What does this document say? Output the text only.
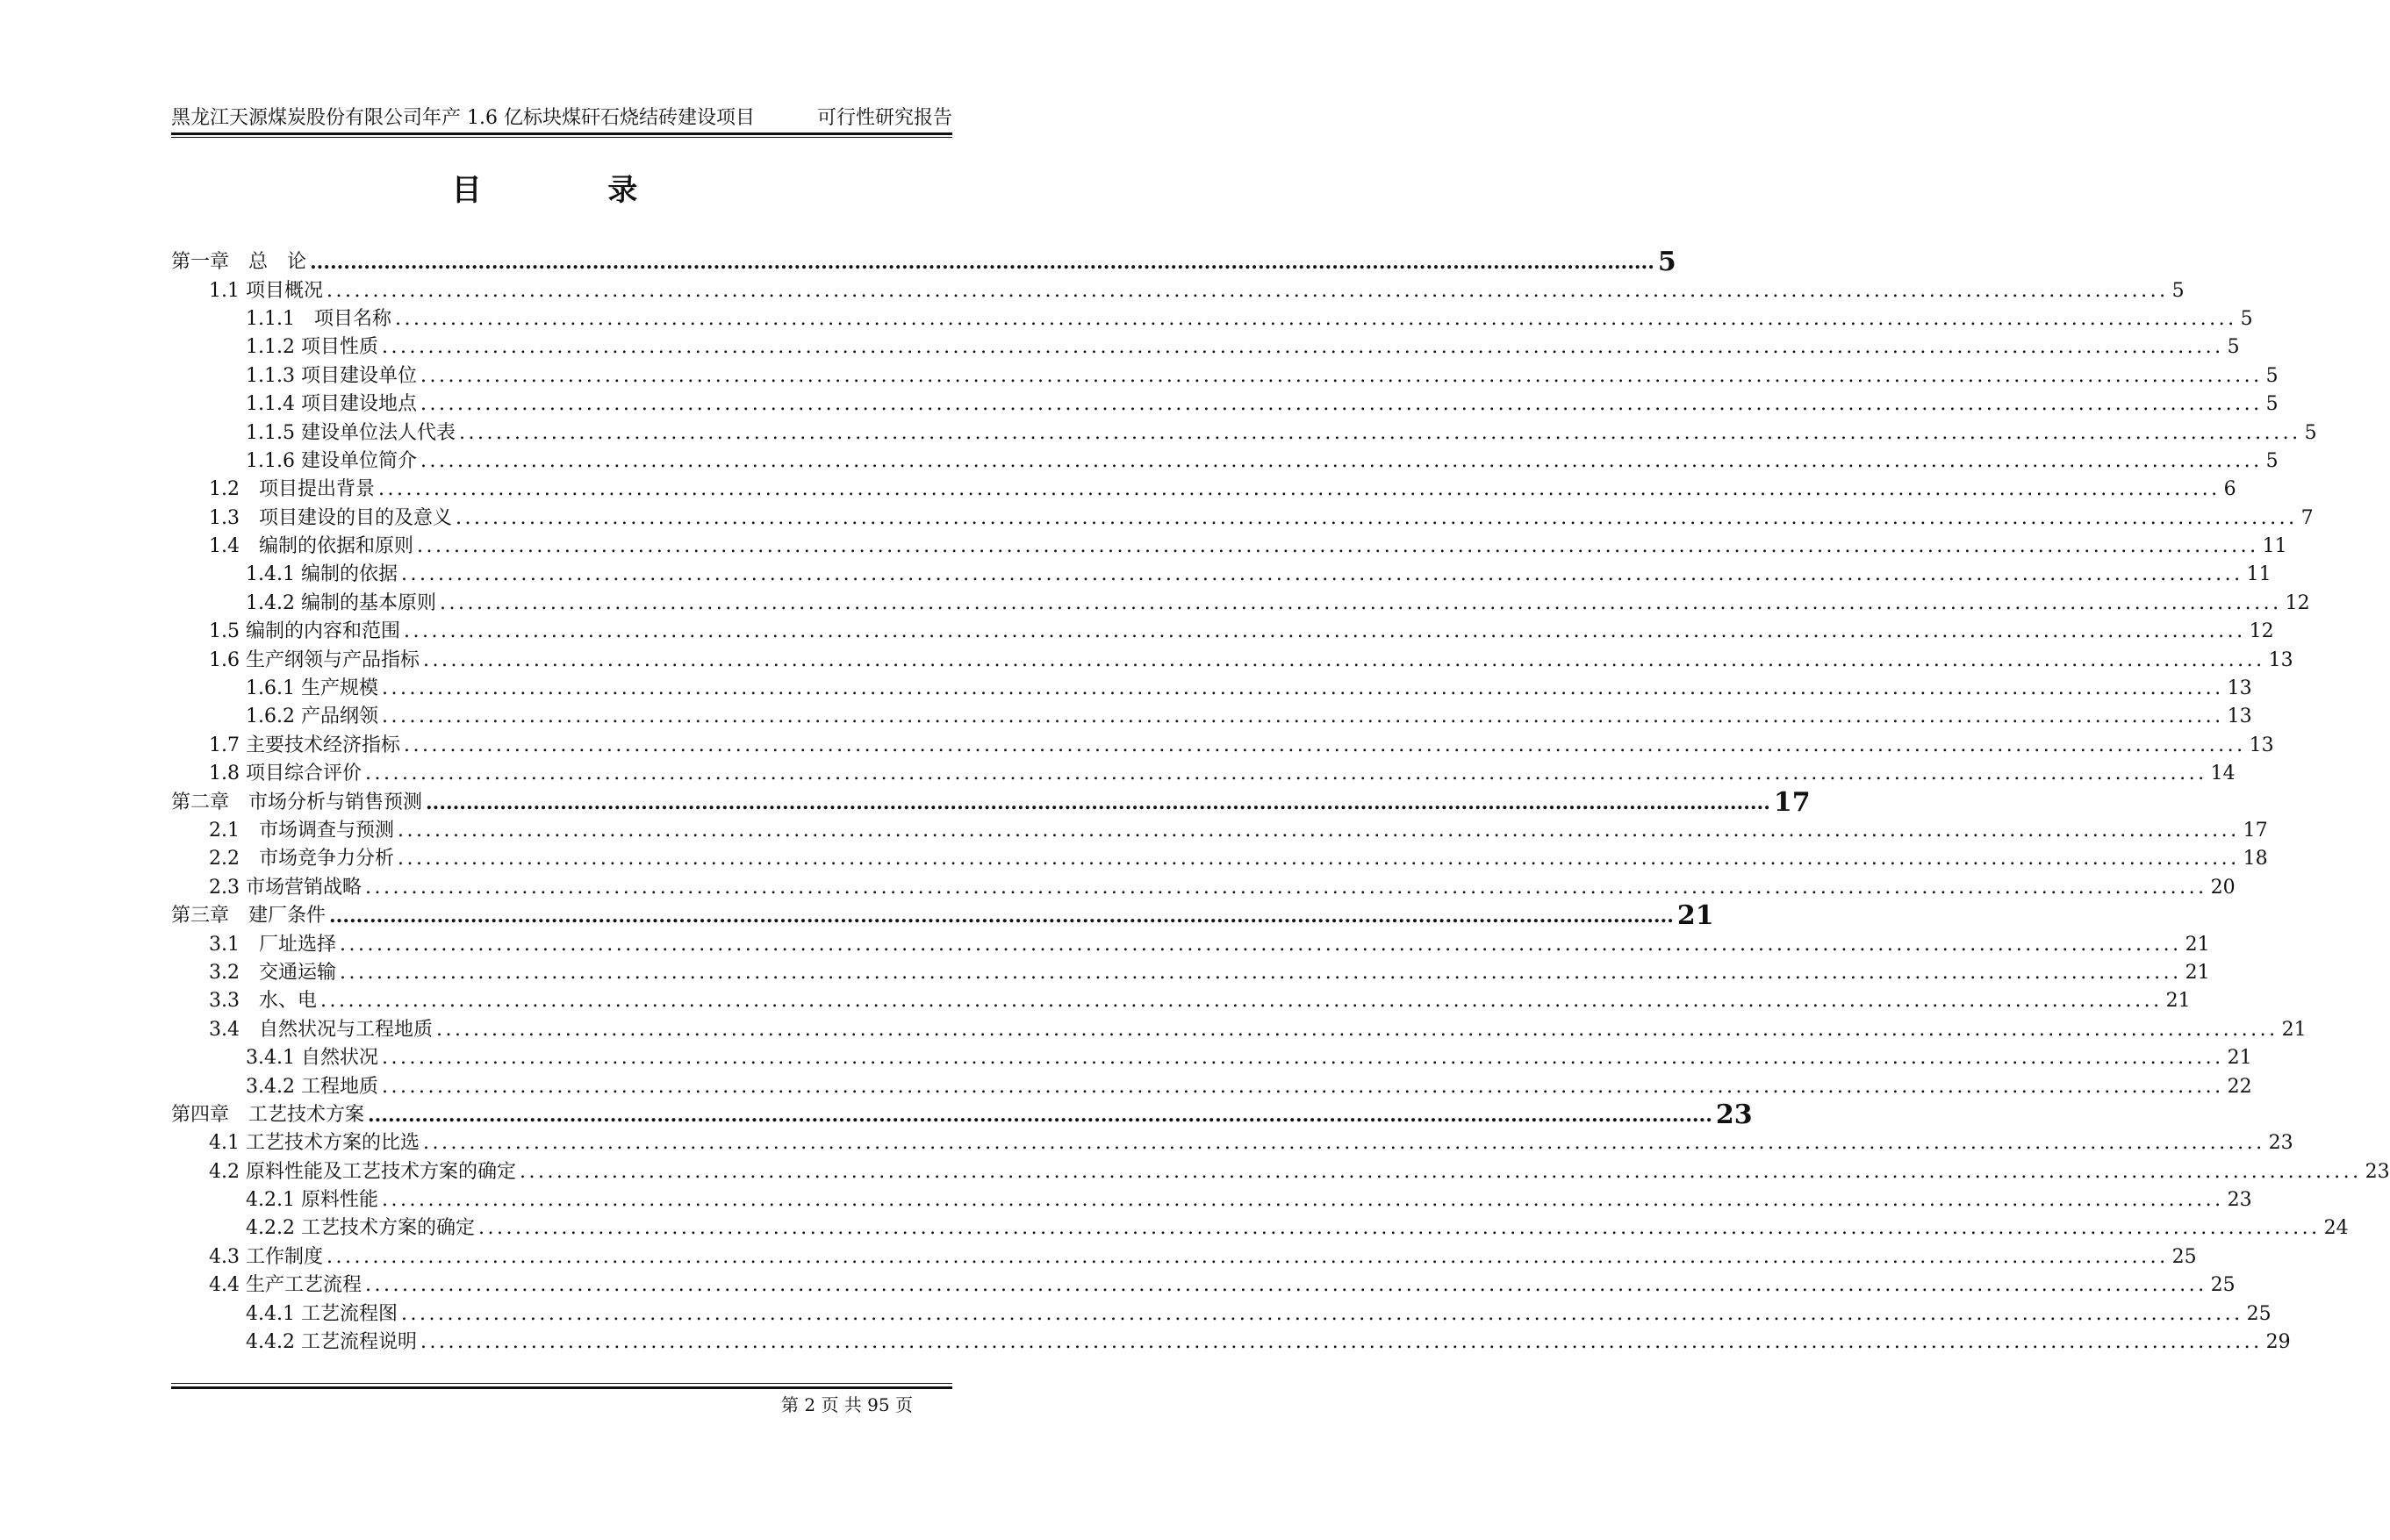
黑龙江天源煤炭股份有限公司年产 1.6 亿标块煤矸石烧结砖建设项目	可行性研究报告
目 录
第一章　总　论 ........................................................................................................................................................................................................ 5
1.1 项目概况 ........................................................................................................................................................................................................ 5
1.1.1　项目名称 ........................................................................................................................................................................................................ 5
1.1.2 项目性质 ........................................................................................................................................................................................................ 5
1.1.3 项目建设单位 ........................................................................................................................................................................................................ 5
1.1.4 项目建设地点 ........................................................................................................................................................................................................ 5
1.1.5 建设单位法人代表 ........................................................................................................................................................................................................ 5
1.1.6 建设单位简介 ........................................................................................................................................................................................................ 5
1.2　项目提出背景 ........................................................................................................................................................................................................ 6
1.3　项目建设的目的及意义 ........................................................................................................................................................................................................ 7
1.4　编制的依据和原则 ........................................................................................................................................................................................................ 11
1.4.1 编制的依据 ........................................................................................................................................................................................................ 11
1.4.2 编制的基本原则 ........................................................................................................................................................................................................ 12
1.5 编制的内容和范围 ........................................................................................................................................................................................................ 12
1.6 生产纲领与产品指标 ........................................................................................................................................................................................................ 13
1.6.1 生产规模 ........................................................................................................................................................................................................ 13
1.6.2 产品纲领 ........................................................................................................................................................................................................ 13
1.7 主要技术经济指标 ........................................................................................................................................................................................................ 13
1.8 项目综合评价 ........................................................................................................................................................................................................ 14
第二章　市场分析与销售预测 ........................................................................................................................................................................................................ 17
2.1　市场调查与预测 ........................................................................................................................................................................................................ 17
2.2　市场竞争力分析 ........................................................................................................................................................................................................ 18
2.3 市场营销战略 ........................................................................................................................................................................................................ 20
第三章　建厂条件 ........................................................................................................................................................................................................ 21
3.1　厂址选择 ........................................................................................................................................................................................................ 21
3.2　交通运输 ........................................................................................................................................................................................................ 21
3.3　水、电 ........................................................................................................................................................................................................ 21
3.4　自然状况与工程地质 ........................................................................................................................................................................................................ 21
3.4.1 自然状况 ........................................................................................................................................................................................................ 21
3.4.2 工程地质 ........................................................................................................................................................................................................ 22
第四章　工艺技术方案 ........................................................................................................................................................................................................ 23
4.1 工艺技术方案的比选 ........................................................................................................................................................................................................ 23
4.2 原料性能及工艺技术方案的确定 ........................................................................................................................................................................................................ 23
4.2.1 原料性能 ........................................................................................................................................................................................................ 23
4.2.2 工艺技术方案的确定 ........................................................................................................................................................................................................ 24
4.3 工作制度 ........................................................................................................................................................................................................ 25
4.4 生产工艺流程 ........................................................................................................................................................................................................ 25
4.4.1 工艺流程图 ........................................................................................................................................................................................................ 25
4.4.2 工艺流程说明 ........................................................................................................................................................................................................ 29
第 2 页 共 95 页
